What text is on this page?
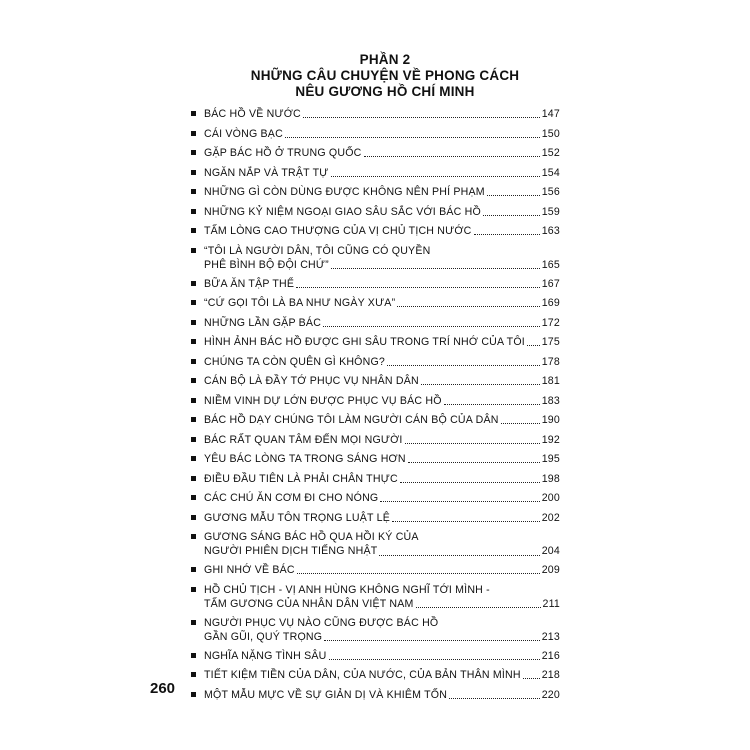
PHẦN 2
NHỮNG CÂU CHUYỆN VỀ PHONG CÁCH
NÊU GƯƠNG HỒ CHÍ MINH
BÁC HỒ VỀ NƯỚC	147
CÁI VÒNG BẠC	150
GẶP BÁC HỒ Ở TRUNG QUỐC	152
NGĂN NẮP VÀ TRẬT TỰ	154
NHỮNG GÌ CÒN DÙNG ĐƯỢC KHÔNG NÊN PHÍ PHẠM	156
NHỮNG KỶ NIỆM NGOẠI GIAO SÂU SẮC VỚI BÁC HỒ	159
TẤM LÒNG CAO THƯỢNG CỦA VỊ CHỦ TỊCH NƯỚC	163
“TÔI LÀ NGƯỜI DÂN, TÔI CŨNG CÓ QUYỀN
PHÊ BÌNH BỘ ĐỘI CHỨ”	165
BỮA ĂN TẬP THỂ	167
“CỨ GỌI TÔI LÀ BA NHƯ NGÀY XƯA”	169
NHỮNG LẦN GẶP BÁC	172
HÌNH ẢNH BÁC HỒ ĐƯỢC GHI SÂU TRONG TRÍ NHỚ CỦA TÔI 175
CHÚNG TA CÒN QUÊN GÌ KHÔNG?	178
CÁN BỘ LÀ ĐẦY TỚ PHỤC VỤ NHÂN DÂN	181
NIỀM VINH DỰ LỚN ĐƯỢC PHỤC VỤ BÁC HỒ	183
BÁC HỒ DẠY CHÚNG TÔI LÀM NGƯỜI CÁN BỘ CỦA DÂN	190
BÁC RẤT QUAN TÂM ĐẾN MỌI NGƯỜI	192
YÊU BÁC LÒNG TA TRONG SÁNG HƠN	195
ĐIỀU ĐẦU TIÊN LÀ PHẢI CHÂN THỰC	198
CÁC CHÚ ĂN CƠM ĐI CHO NÓNG	200
GƯƠNG MẪU TÔN TRỌNG LUẬT LỆ	202
GƯƠNG SÁNG BÁC HỒ QUA HỒI KÝ CỦA
NGƯỜI PHIÊN DỊCH TIẾNG NHẬT	204
GHI NHỚ VỀ BÁC	209
HỒ CHỦ TỊCH - VỊ ANH HÙNG KHÔNG NGHĨ TỚI MÌNH -
TẤM GƯƠNG CỦA NHÂN DÂN VIỆT NAM	211
NGƯỜI PHỤC VỤ NÀO CŨNG ĐƯỢC BÁC HỒ
GẦN GŨI, QUÝ TRỌNG	213
NGHĨA NẶNG TÌNH SÂU	216
TIẾT KIỆM TIỀN CỦA DÂN, CỦA NƯỚC, CỦA BẢN THÂN MÌNH 218
MỘT MẪU MỰC VỀ SỰ GIẢN DỊ VÀ KHIÊM TỐN	220
260
